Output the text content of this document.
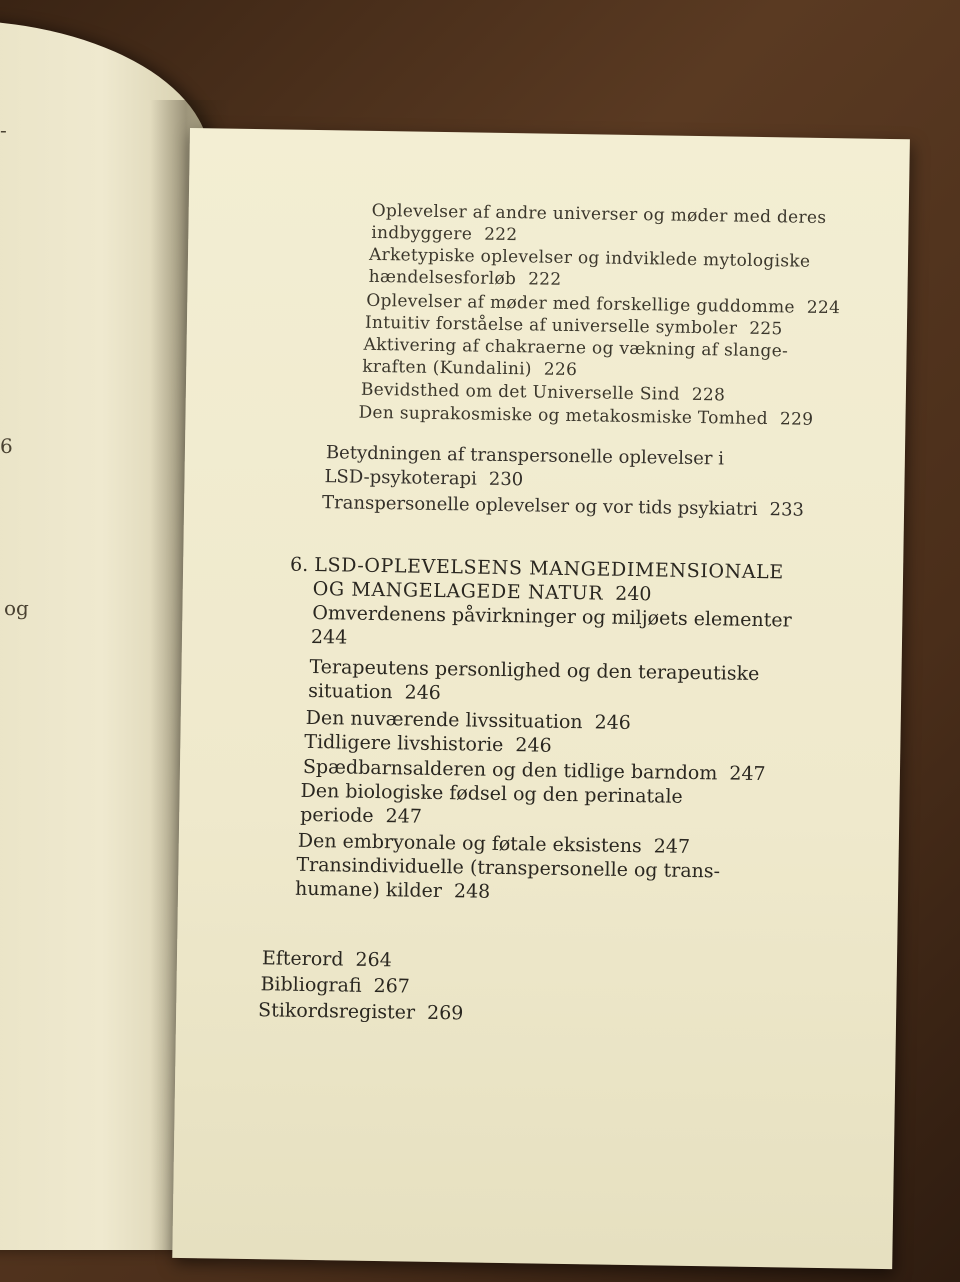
-
6
og
Oplevelser af andre universer og møder med deres
indbyggere 222
Arketypiske oplevelser og indviklede mytologiske
hændelsesforløb 222
Oplevelser af møder med forskellige guddomme 224
Intuitiv forståelse af universelle symboler 225
Aktivering af chakraerne og vækning af slange-
kraften (Kundalini) 226
Bevidsthed om det Universelle Sind 228
Den suprakosmiske og metakosmiske Tomhed 229
Betydningen af transpersonelle oplevelser i
LSD-psykoterapi 230
Transpersonelle oplevelser og vor tids psykiatri 233
6. LSD-OPLEVELSENS MANGEDIMENSIONALE
OG MANGELAGEDE NATUR 240
Omverdenens påvirkninger og miljøets elementer
244
Terapeutens personlighed og den terapeutiske
situation 246
Den nuværende livssituation 246
Tidligere livshistorie 246
Spædbarnsalderen og den tidlige barndom 247
Den biologiske fødsel og den perinatale
periode 247
Den embryonale og føtale eksistens 247
Transindividuelle (transpersonelle og trans-
humane) kilder 248
Efterord 264
Bibliografi 267
Stikordsregister 269
